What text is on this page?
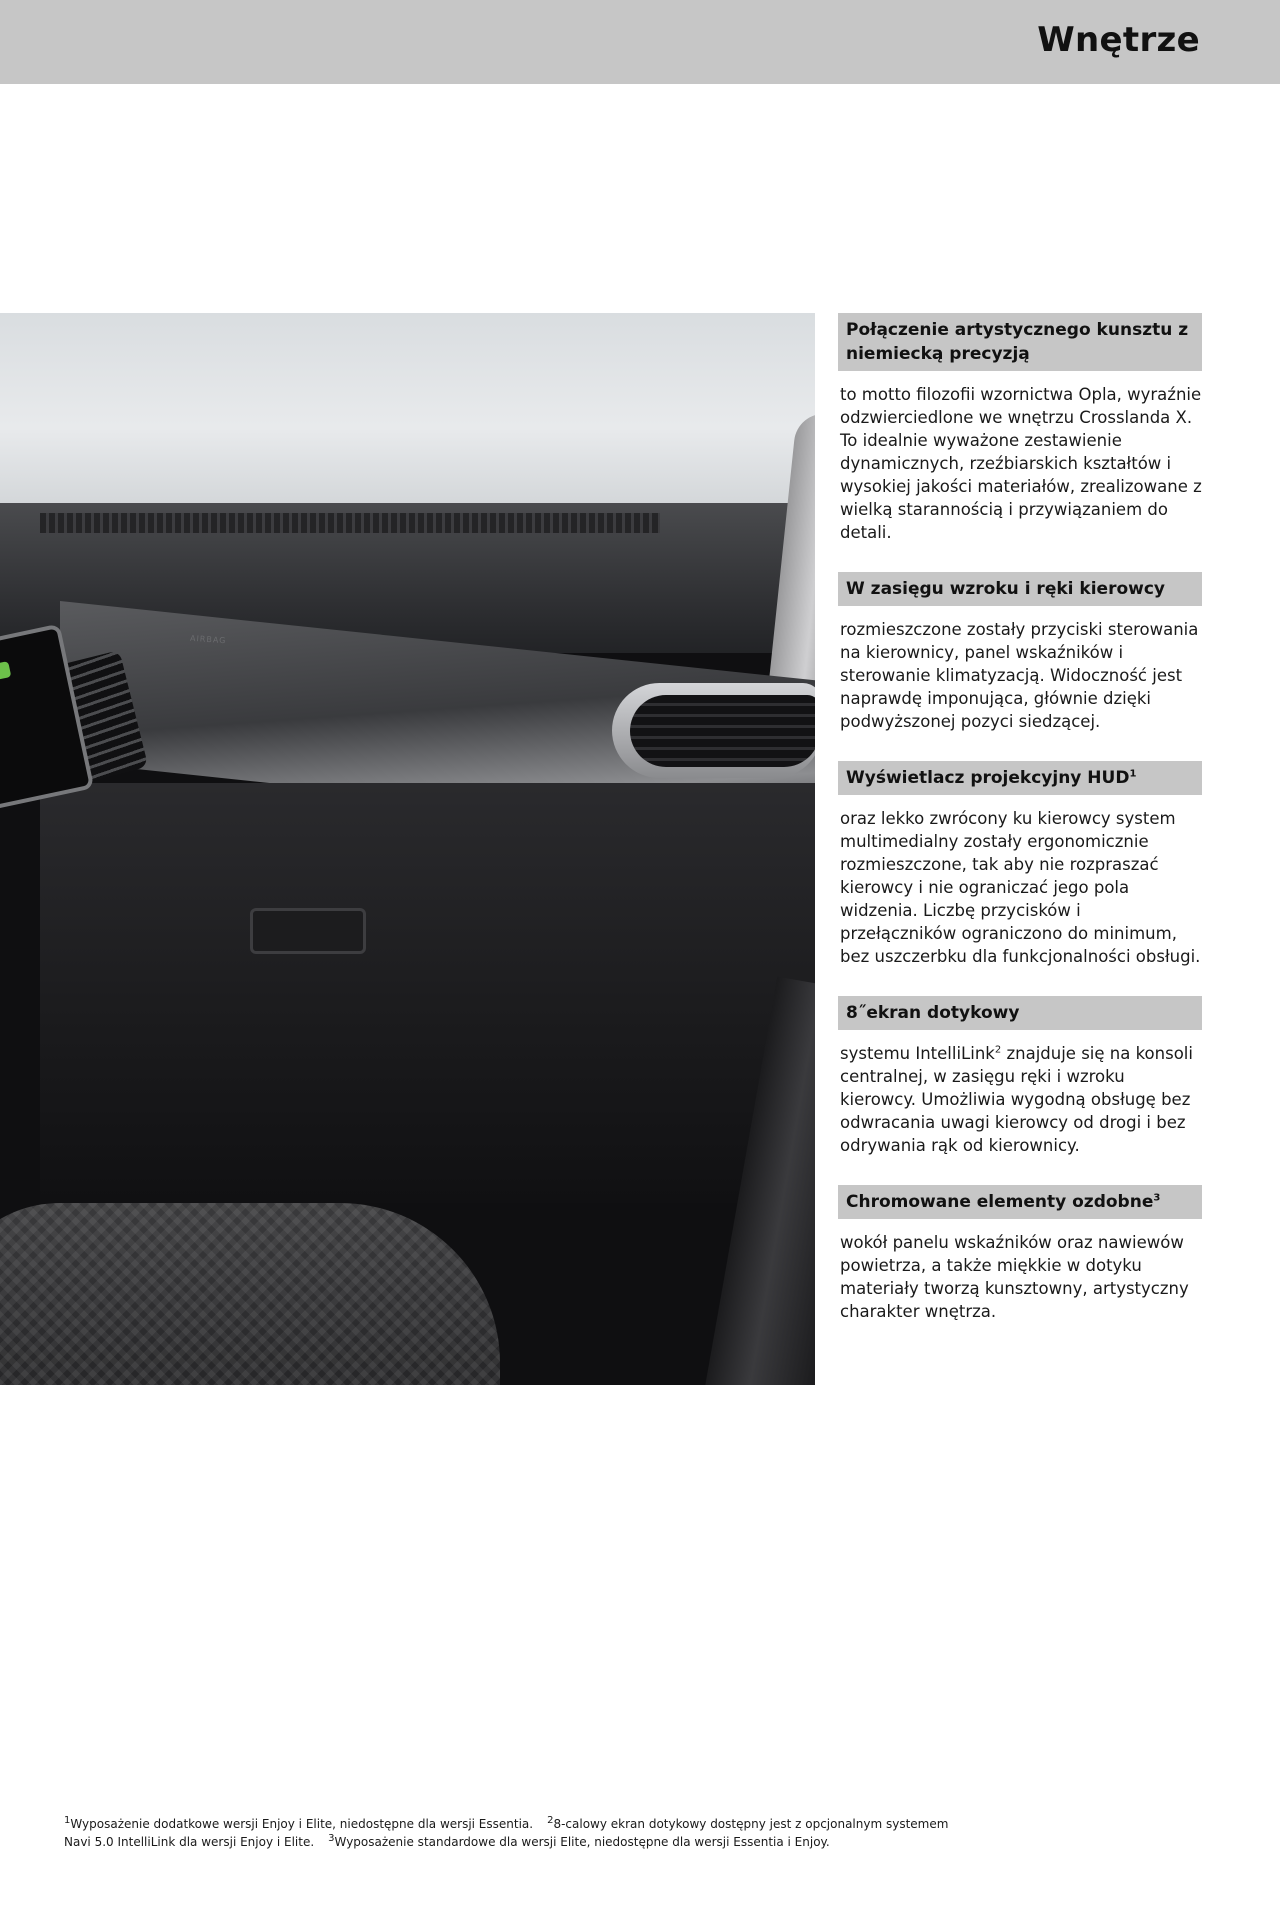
Wnętrze
AIRBAG
Połączenie artystycznego kunsztu z niemiecką precyzją

to motto filozofii wzornictwa Opla, wyraźnie odzwierciedlone we wnętrzu Crosslanda X. To idealnie wyważone zestawienie dynamicznych, rzeźbiarskich kształtów i wysokiej jakości materiałów, zrealizowane z wielką starannością i przywiązaniem do detali.

W zasięgu wzroku i ręki kierowcy

rozmieszczone zostały przyciski sterowania na kierownicy, panel wskaźników i sterowanie klimatyzacją. Widoczność jest naprawdę imponująca, głównie dzięki podwyższonej pozyci siedzącej.

Wyświetlacz projekcyjny HUD$^1$

oraz lekko zwrócony ku kierowcy system multimedialny zostały ergonomicznie rozmieszczone, tak aby nie rozpraszać kierowcy i nie ograniczać jego pola widzenia. Liczbę przycisków i przełączników ograniczono do minimum, bez uszczerbku dla funkcjonalności obsługi.

8˝ekran dotykowy

systemu IntelliLink$^2$ znajduje się na konsoli centralnej, w zasięgu ręki i wzroku kierowcy. Umożliwia wygodną obsługę bez odwracania uwagi kierowcy od drogi i bez odrywania rąk od kierownicy.

Chromowane elementy ozdobne$^3$

wokół panelu wskaźników oraz nawiewów powietrza, a także miękkie w dotyku materiały tworzą kunsztowny, artystyczny charakter wnętrza.

$^1$Wyposażenie dodatkowe wersji Enjoy i Elite, niedostępne dla wersji Essentia. $^2$8-calowy ekran dotykowy dostępny jest z opcjonalnym systemem Navi 5.0 IntelliLink dla wersji Enjoy i Elite. $^3$Wyposażenie standardowe dla wersji Elite, niedostępne dla wersji Essentia i Enjoy.
